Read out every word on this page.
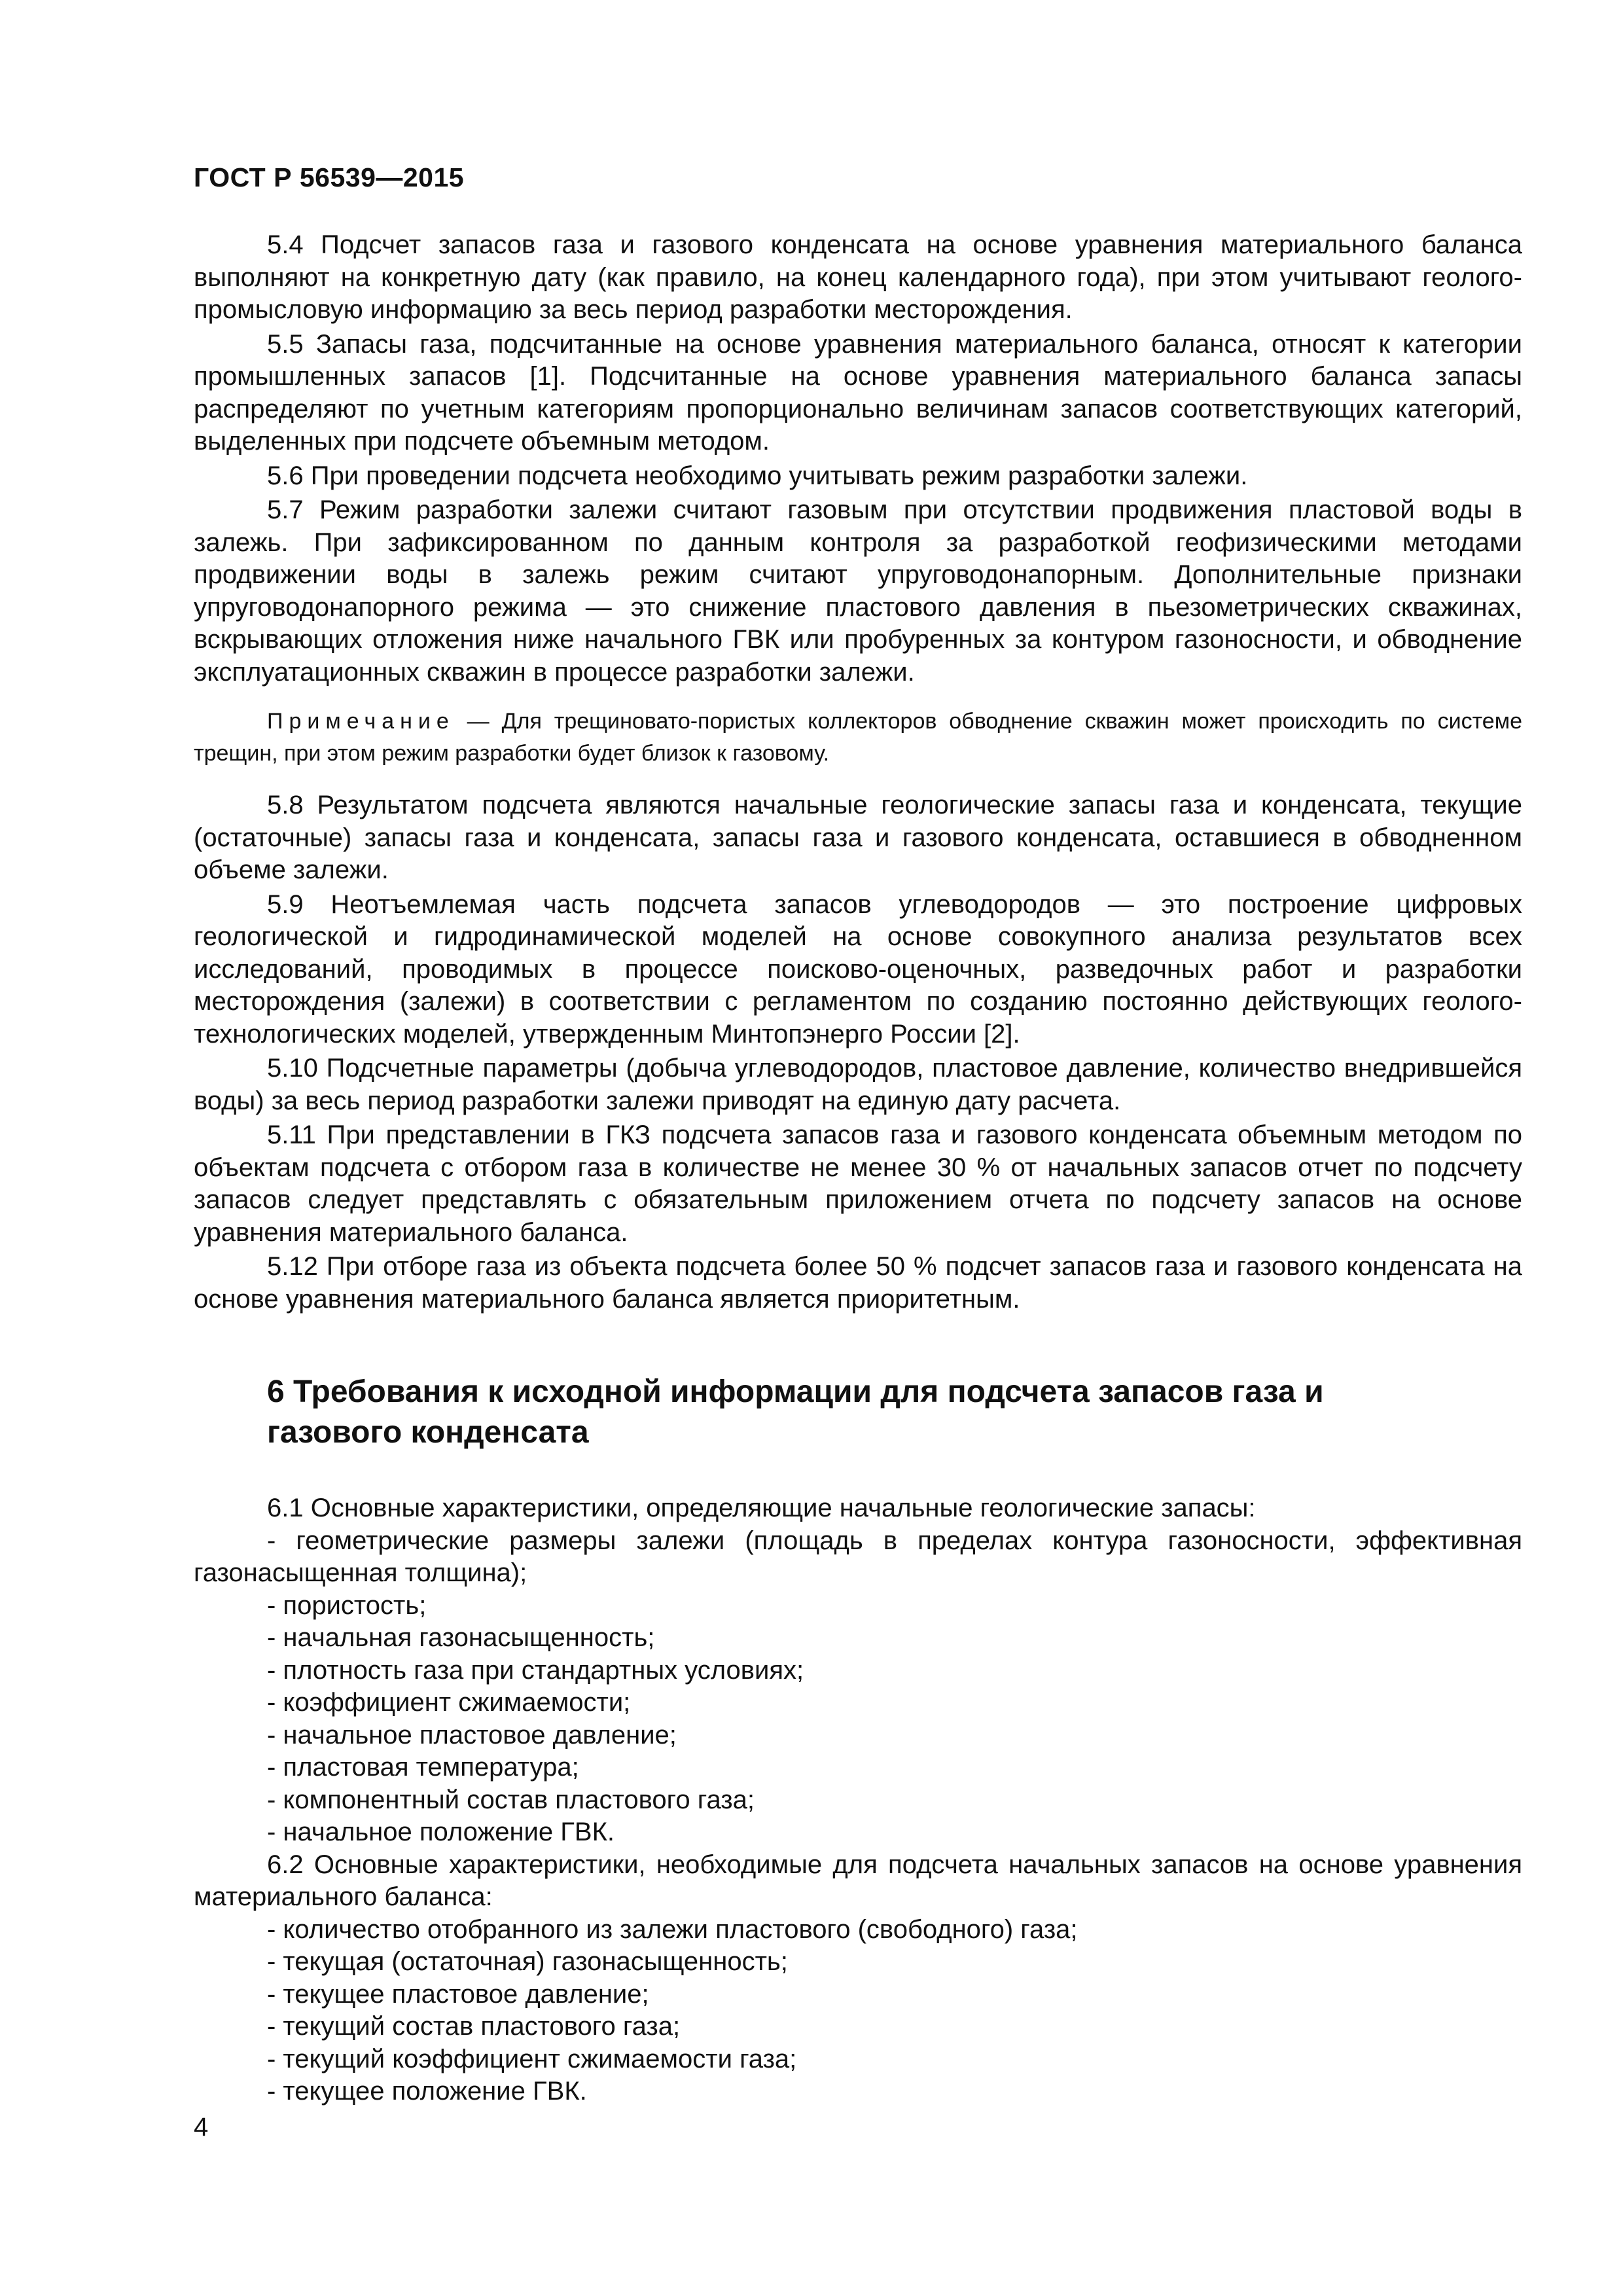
ГОСТ Р 56539—2015

5.4 Подсчет запасов газа и газового конденсата на основе уравнения материального баланса выполняют на конкретную дату (как правило, на конец календарного года), при этом учитывают геолого-промысловую информацию за весь период разработки месторождения.

5.5 Запасы газа, подсчитанные на основе уравнения материального баланса, относят к категории промышленных запасов [1]. Подсчитанные на основе уравнения материального баланса запасы распределяют по учетным категориям пропорционально величинам запасов соответствующих категорий, выделенных при подсчете объемным методом.

5.6 При проведении подсчета необходимо учитывать режим разработки залежи.

5.7 Режим разработки залежи считают газовым при отсутствии продвижения пластовой воды в залежь. При зафиксированном по данным контроля за разработкой геофизическими методами продвижении воды в залежь режим считают упруговодонапорным. Дополнительные признаки упруговодонапорного режима — это снижение пластового давления в пьезометрических скважинах, вскрывающих отложения ниже начального ГВК или пробуренных за контуром газоносности, и обводнение эксплуатационных скважин в процессе разработки залежи.

Примечание — Для трещиновато-пористых коллекторов обводнение скважин может происходить по системе трещин, при этом режим разработки будет близок к газовому.

5.8 Результатом подсчета являются начальные геологические запасы газа и конденсата, текущие (остаточные) запасы газа и конденсата, запасы газа и газового конденсата, оставшиеся в обводненном объеме залежи.

5.9 Неотъемлемая часть подсчета запасов углеводородов — это построение цифровых геологической и гидродинамической моделей на основе совокупного анализа результатов всех исследований, проводимых в процессе поисково-оценочных, разведочных работ и разработки месторождения (залежи) в соответствии с регламентом по созданию постоянно действующих геолого-технологических моделей, утвержденным Минтопэнерго России [2].

5.10 Подсчетные параметры (добыча углеводородов, пластовое давление, количество внедрившейся воды) за весь период разработки залежи приводят на единую дату расчета.

5.11 При представлении в ГКЗ подсчета запасов газа и газового конденсата объемным методом по объектам подсчета с отбором газа в количестве не менее 30 % от начальных запасов отчет по подсчету запасов следует представлять с обязательным приложением отчета по подсчету запасов на основе уравнения материального баланса.

5.12 При отборе газа из объекта подсчета более 50 % подсчет запасов газа и газового конденсата на основе уравнения материального баланса является приоритетным.

6 Требования к исходной информации для подсчета запасов газа и газового конденсата

6.1 Основные характеристики, определяющие начальные геологические запасы:

- геометрические размеры залежи (площадь в пределах контура газоносности, эффективная газонасыщенная толщина);

- пористость;

- начальная газонасыщенность;

- плотность газа при стандартных условиях;

- коэффициент сжимаемости;

- начальное пластовое давление;

- пластовая температура;

- компонентный состав пластового газа;

- начальное положение ГВК.

6.2 Основные характеристики, необходимые для подсчета начальных запасов на основе уравнения материального баланса:

- количество отобранного из залежи пластового (свободного) газа;

- текущая (остаточная) газонасыщенность;

- текущее пластовое давление;

- текущий состав пластового газа;

- текущий коэффициент сжимаемости газа;

- текущее положение ГВК.

4
